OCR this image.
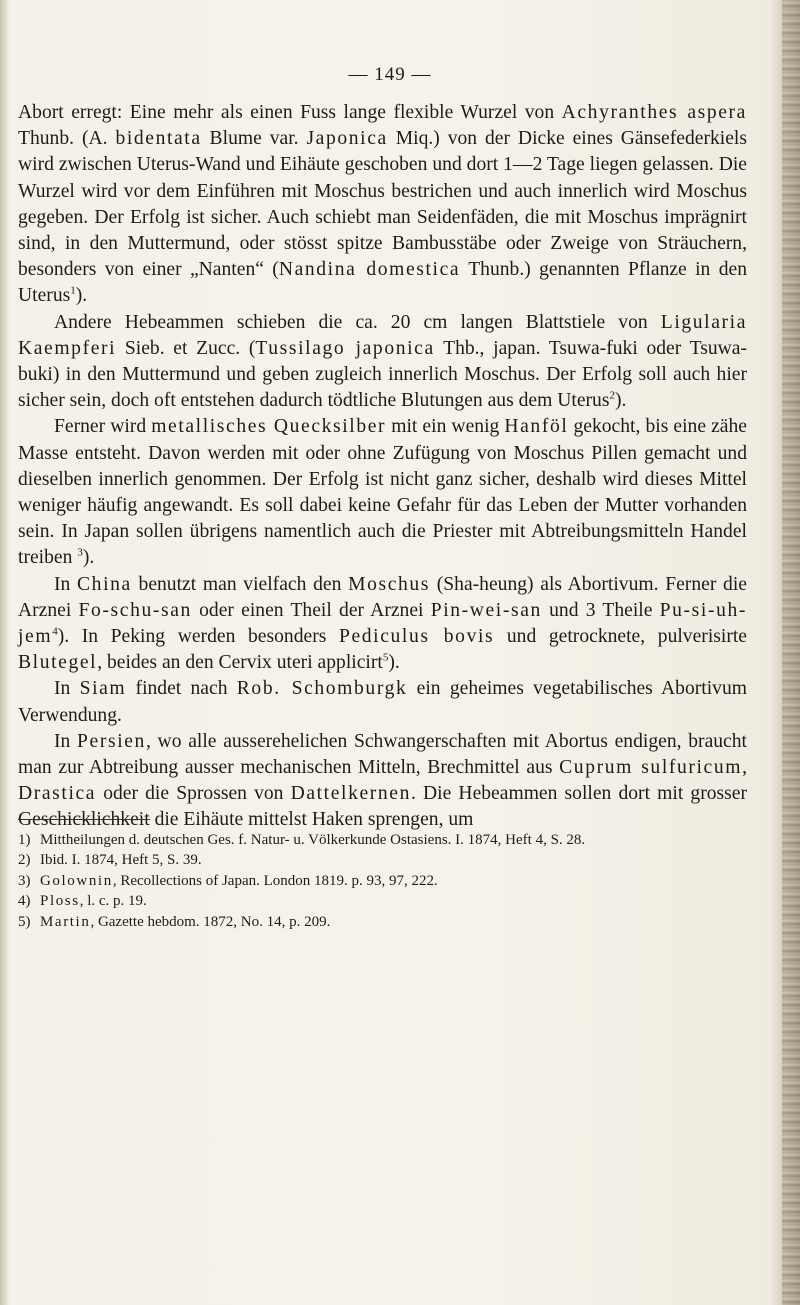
— 149 —

Abort erregt: Eine mehr als einen Fuss lange flexible Wurzel von Achyranthes aspera Thunb. (A. bidentata Blume var. Japonica Miq.) von der Dicke eines Gänsefederkiels wird zwischen Uterus-Wand und Eihäute geschoben und dort 1—2 Tage liegen gelassen. Die Wurzel wird vor dem Einführen mit Moschus bestrichen und auch innerlich wird Moschus gegeben. Der Erfolg ist sicher. Auch schiebt man Seidenfäden, die mit Moschus imprägnirt sind, in den Muttermund, oder stösst spitze Bambusstäbe oder Zweige von Sträuchern, besonders von einer „Nanten“ (Nandina domestica Thunb.) genannten Pflanze in den Uterus$^1$).

Andere Hebeammen schieben die ca. 20 cm langen Blattstiele von Ligularia Kaempferi Sieb. et Zucc. (Tussilago japonica Thb., japan. Tsuwa-fuki oder Tsuwa-buki) in den Muttermund und geben zugleich innerlich Moschus. Der Erfolg soll auch hier sicher sein, doch oft entstehen dadurch tödtliche Blutungen aus dem Uterus$^2$).

Ferner wird metallisches Quecksilber mit ein wenig Hanföl gekocht, bis eine zähe Masse entsteht. Davon werden mit oder ohne Zufügung von Moschus Pillen gemacht und dieselben innerlich genommen. Der Erfolg ist nicht ganz sicher, deshalb wird dieses Mittel weniger häufig angewandt. Es soll dabei keine Gefahr für das Leben der Mutter vorhanden sein. In Japan sollen übrigens namentlich auch die Priester mit Abtreibungsmitteln Handel treiben $^3$).

In China benutzt man vielfach den Moschus (Sha-heung) als Abortivum. Ferner die Arznei Fo-schu-san oder einen Theil der Arznei Pin-wei-san und 3 Theile Pu-si-uh-jem$^4$). In Peking werden besonders Pediculus bovis und getrocknete, pulverisirte Blutegel, beides an den Cervix uteri applicirt$^5$).

In Siam findet nach Rob. Schomburgk ein geheimes vegetabilisches Abortivum Verwendung.

In Persien, wo alle ausserehelichen Schwangerschaften mit Abortus endigen, braucht man zur Abtreibung ausser mechanischen Mitteln, Brechmittel aus Cuprum sulfuricum, Drastica oder die Sprossen von Dattelkernen. Die Hebeammen sollen dort mit grosser Geschicklichkeit die Eihäute mittelst Haken sprengen, um

1) Mittheilungen d. deutschen Ges. f. Natur- u. Völkerkunde Ostasiens. I. 1874, Heft 4, S. 28.

2) Ibid. I. 1874, Heft 5, S. 39.

3) Golownin, Recollections of Japan. London 1819. p. 93, 97, 222.

4) Ploss, l. c. p. 19.

5) Martin, Gazette hebdom. 1872, No. 14, p. 209.
